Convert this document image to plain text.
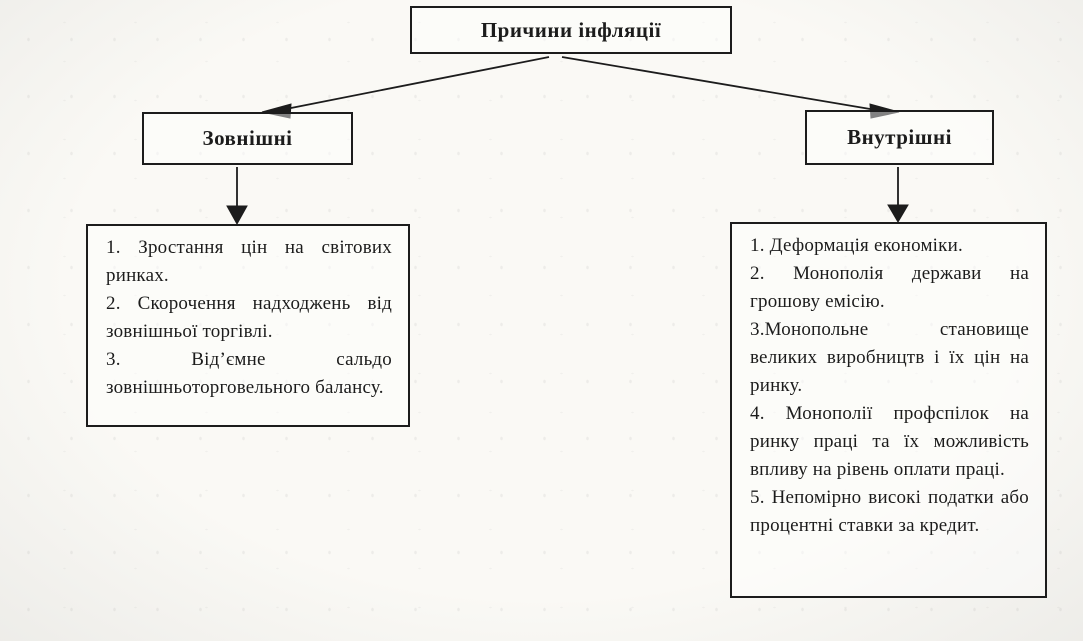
Причини інфляції
Зовнішні	Внутрішні

1. Зростання цін на світових ринках.

2. Скорочення надходжень від зовнішньої торгівлі.

3. Від’ємне сальдо зовнішньоторговельного балансу.

1. Деформація економіки.

2. Монополія держави на грошову емісію.

3.Монопольне становище великих виробництв і їх цін на ринку.

4. Монополії профспілок на ринку праці та їх можливість впливу на рівень оплати праці.

5. Непомірно високі податки або процентні ставки за кредит.
